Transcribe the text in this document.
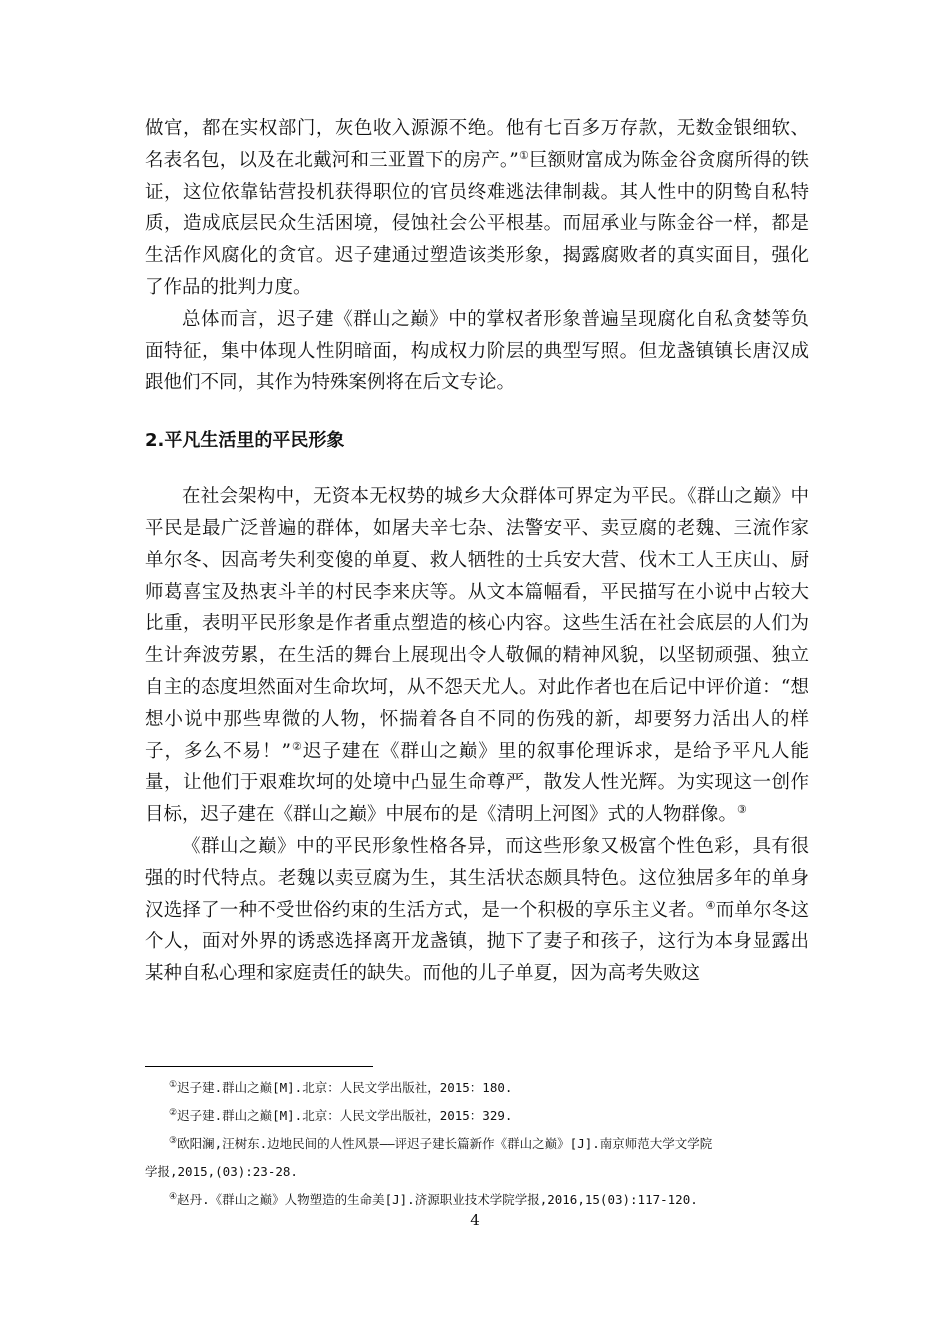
做官，都在实权部门，灰色收入源源不绝。他有七百多万存款，无数金银细软、名表名包，以及在北戴河和三亚置下的房产。”①巨额财富成为陈金谷贪腐所得的铁证，这位依靠钻营投机获得职位的官员终难逃法律制裁。其人性中的阴鸷自私特质，造成底层民众生活困境，侵蚀社会公平根基。而屈承业与陈金谷一样，都是生活作风腐化的贪官。迟子建通过塑造该类形象，揭露腐败者的真实面目，强化了作品的批判力度。

总体而言，迟子建《群山之巅》中的掌权者形象普遍呈现腐化自私贪婪等负面特征，集中体现人性阴暗面，构成权力阶层的典型写照。但龙盏镇镇长唐汉成跟他们不同，其作为特殊案例将在后文专论。

2.平凡生活里的平民形象

在社会架构中，无资本无权势的城乡大众群体可界定为平民。《群山之巅》中平民是最广泛普遍的群体，如屠夫辛七杂、法警安平、卖豆腐的老魏、三流作家单尔冬、因高考失利变傻的单夏、救人牺牲的士兵安大营、伐木工人王庆山、厨师葛喜宝及热衷斗羊的村民李来庆等。从文本篇幅看，平民描写在小说中占较大比重，表明平民形象是作者重点塑造的核心内容。这些生活在社会底层的人们为生计奔波劳累，在生活的舞台上展现出令人敬佩的精神风貌，以坚韧顽强、独立自主的态度坦然面对生命坎坷，从不怨天尤人。对此作者也在后记中评价道：“想想小说中那些卑微的人物，怀揣着各自不同的伤残的新，却要努力活出人的样子，多么不易！”②迟子建在《群山之巅》里的叙事伦理诉求，是给予平凡人能量，让他们于艰难坎坷的处境中凸显生命尊严，散发人性光辉。为实现这一创作目标，迟子建在《群山之巅》中展布的是《清明上河图》式的人物群像。③

《群山之巅》中的平民形象性格各异，而这些形象又极富个性色彩，具有很强的时代特点。老魏以卖豆腐为生，其生活状态颇具特色。这位独居多年的单身汉选择了一种不受世俗约束的生活方式，是一个积极的享乐主义者。④而单尔冬这个人，面对外界的诱惑选择离开龙盏镇，抛下了妻子和孩子，这行为本身显露出某种自私心理和家庭责任的缺失。而他的儿子单夏，因为高考失败这

①迟子建.群山之巅[M].北京：人民文学出版社，2015：180.

②迟子建.群山之巅[M].北京：人民文学出版社，2015：329.

③欧阳澜,汪树东.边地民间的人性风景——评迟子建长篇新作《群山之巅》[J].南京师范大学文学院
学报,2015,(03):23-28.

④赵丹.《群山之巅》人物塑造的生命美[J].济源职业技术学院学报,2016,15(03):117-120.

4
